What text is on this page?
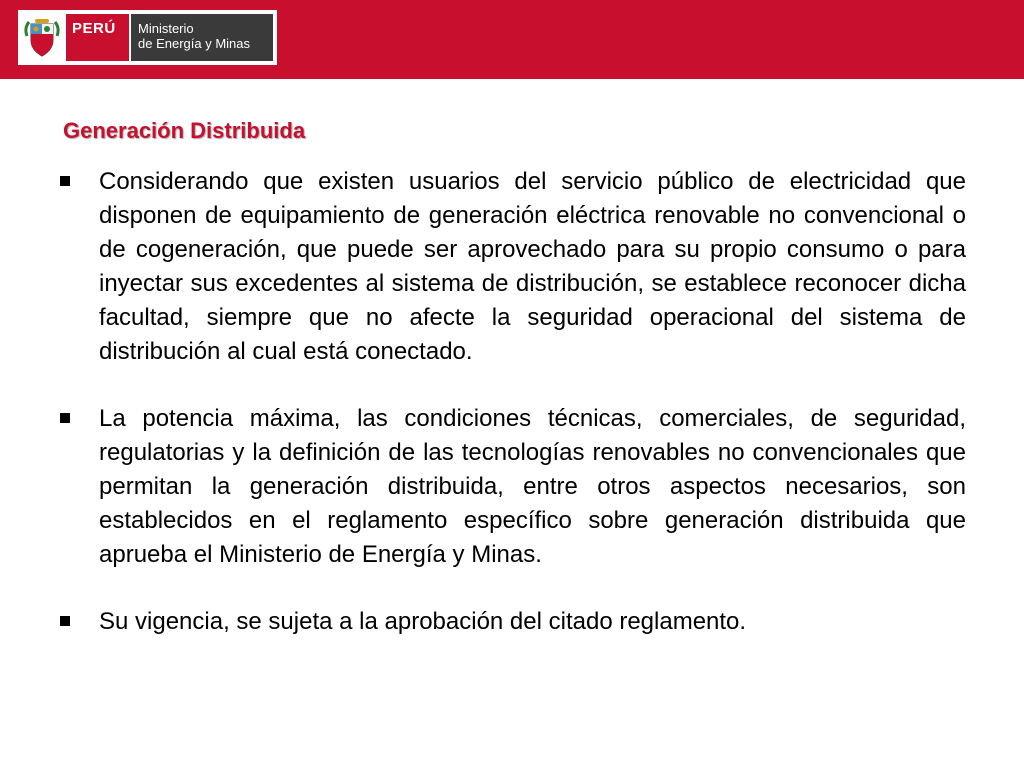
PERÚ	Ministerio
de Energía y Minas
Generación Distribuida
Considerando que existen usuarios del servicio público de electricidad que disponen de equipamiento de generación eléctrica renovable no convencional o de cogeneración, que puede ser aprovechado para su propio consumo o para inyectar sus excedentes al sistema de distribución, se establece reconocer dicha facultad, siempre que no afecte la seguridad operacional del sistema de distribución al cual está conectado.
La potencia máxima, las condiciones técnicas, comerciales, de seguridad, regulatorias y la definición de las tecnologías renovables no convencionales que permitan la generación distribuida, entre otros aspectos necesarios, son establecidos en el reglamento específico sobre generación distribuida que aprueba el Ministerio de Energía y Minas.
Su vigencia, se sujeta a la aprobación del citado reglamento.
